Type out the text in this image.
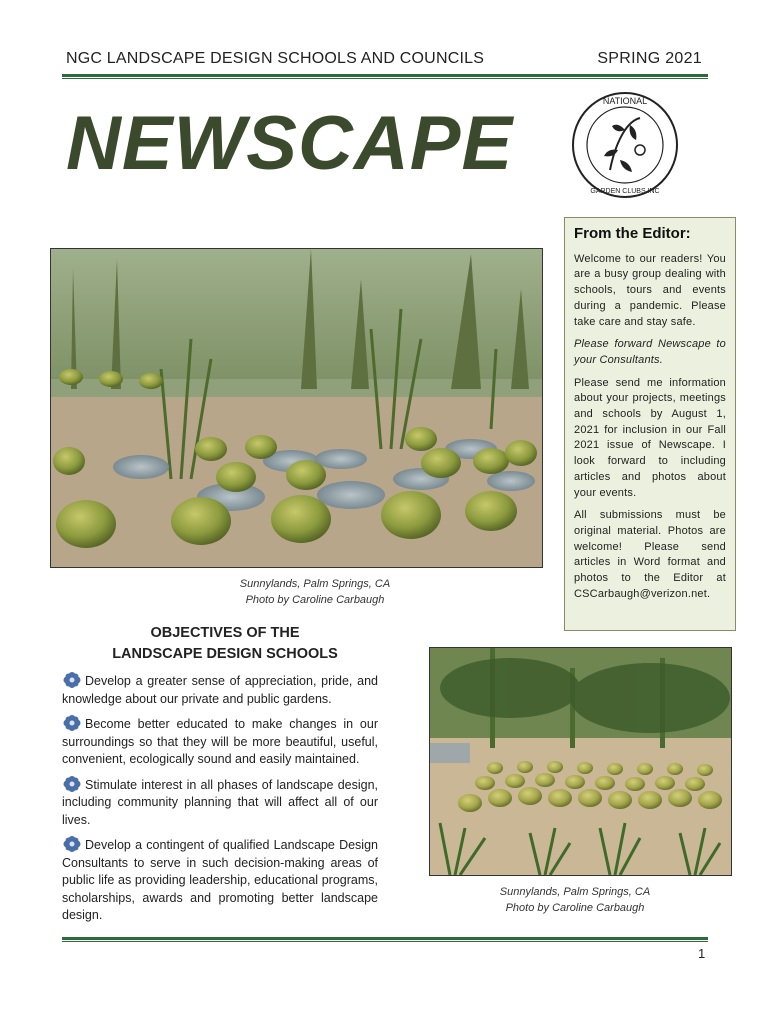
NGC LANDSCAPE DESIGN SCHOOLS AND COUNCILS	SPRING 2021
NEWSCAPE	NATIONAL
GARDEN CLUBS INC
Sunnylands, Palm Springs, CA
Photo by Caroline Carbaugh
From the Editor:

Welcome to our readers! You are a busy group dealing with schools, tours and events during a pandemic. Please take care and stay safe.

Please forward Newscape to your Consultants.

Please send me information about your projects, meetings and schools by August 1, 2021 for inclusion in our Fall 2021 issue of Newscape. I look forward to including articles and photos about your events.

All submissions must be original material. Photos are welcome! Please send articles in Word format and photos to the Editor at CSCarbaugh@verizon.net.

OBJECTIVES OF THE
LANDSCAPE DESIGN SCHOOLS
Develop a greater sense of appreciation, pride, and knowledge about our private and public gardens.
Become better educated to make changes in our surroundings so that they will be more beautiful, useful, convenient, ecologically sound and easily maintained.
Stimulate interest in all phases of landscape design, including community planning that will affect all of our lives.
Develop a contingent of qualified Landscape Design Consultants to serve in such decision-making areas of public life as providing leadership, educational programs, scholarships, awards and promoting better landscape design.
Sunnylands, Palm Springs, CA
Photo by Caroline Carbaugh
1
